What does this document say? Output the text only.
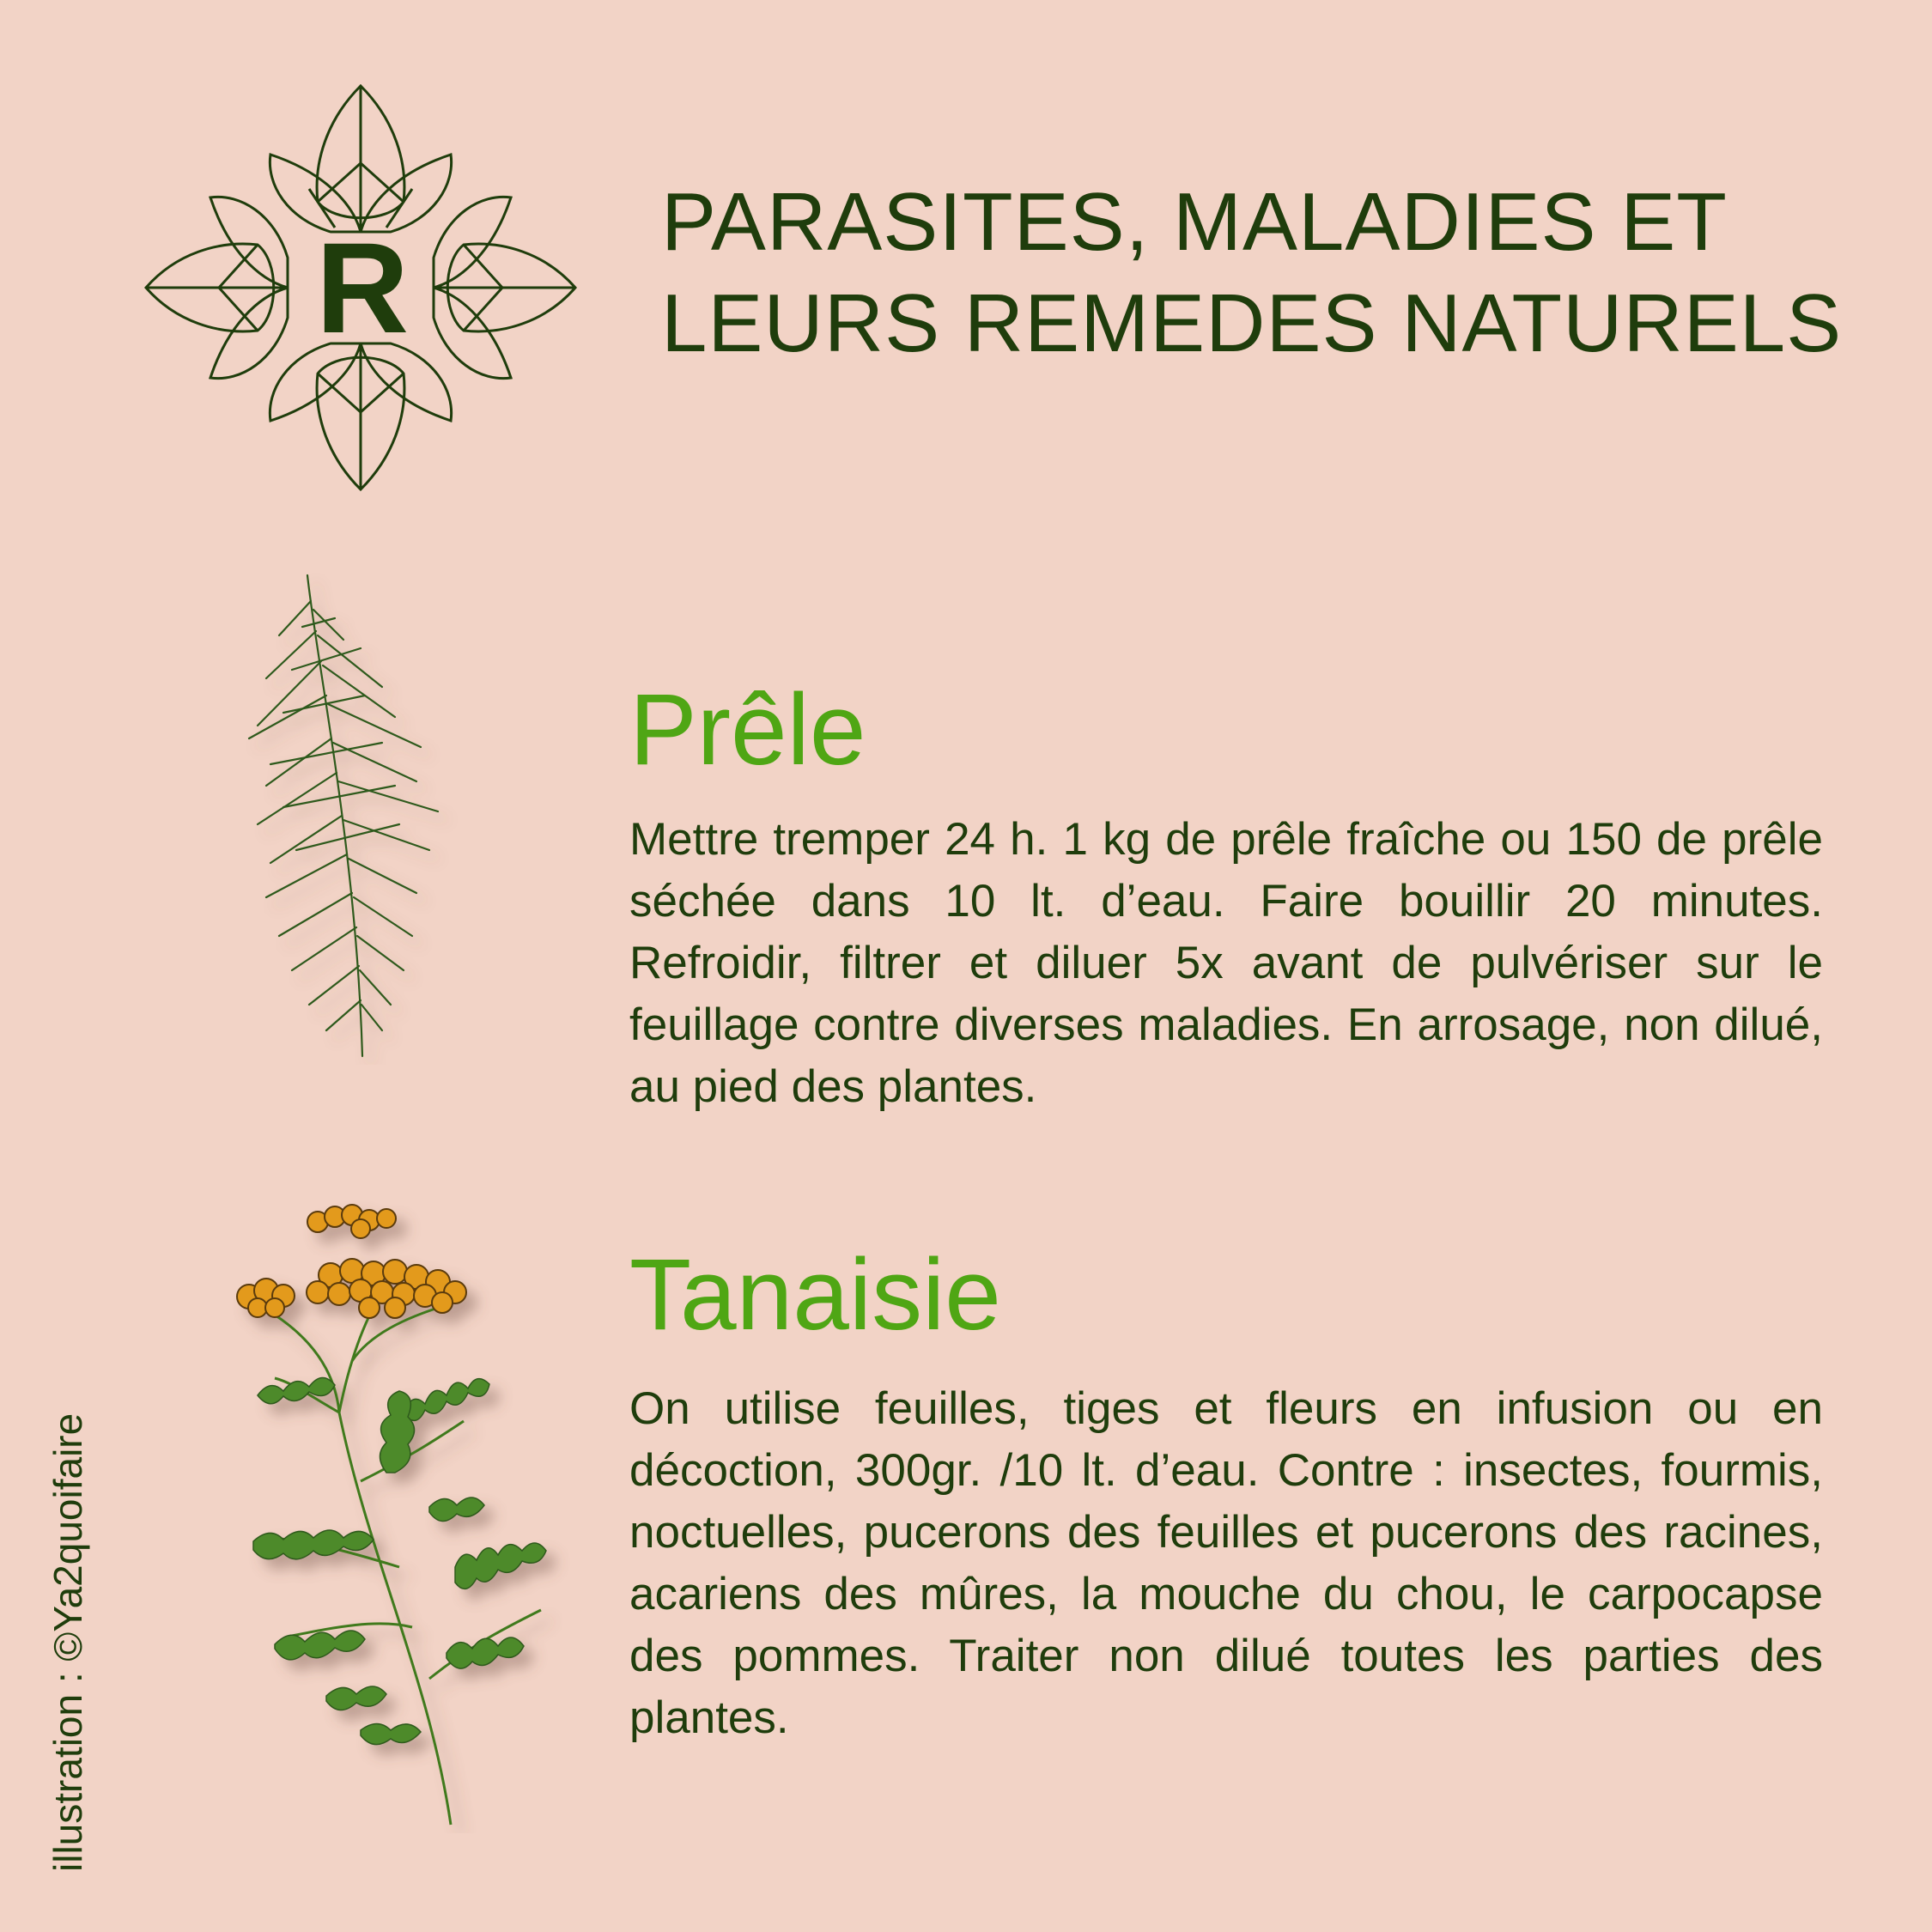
R	PARASITES, MALADIES ET
LEURS REMEDES NATURELS
Prêle

Mettre tremper 24 h. 1 kg de prêle fraîche ou 150 de prêle séchée dans 10 lt. d’eau. Faire bouillir 20 minutes. Refroidir, filtrer et diluer 5x avant de pulvériser sur le feuillage contre diverses maladies. En arrosage, non dilué, au pied des plantes.

Tanaisie

On utilise feuilles, tiges et fleurs en infusion ou en décoction, 300gr. /10 lt. d’eau. Contre : insectes, fourmis, noctuelles, pucerons des feuilles et pucerons des racines, acariens des mûres, la mouche du chou, le carpocapse des pommes. Traiter non dilué toutes les parties des plantes.

illustration : ©Ya2quoifaire
